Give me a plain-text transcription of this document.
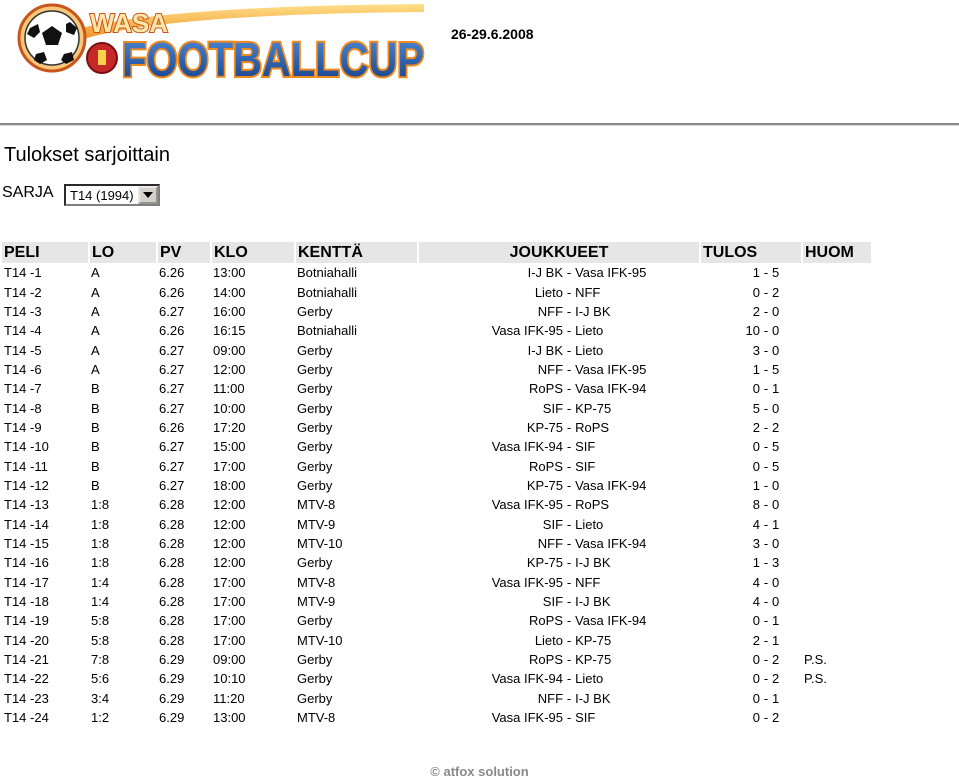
WASA
FOOTBALLCUP 26-29.6.2008
Tulokset sarjoittain
SARJA	T14 (1994)
PELI	LO	PV	KLO	KENTTÄ	JOUKKUEET			TULOS	HUOM
T14 -1	A	6.26	13:00	Botniahalli	I-J BK	-	Vasa IFK-95	1 - 5	

T14 -2	A	6.26	14:00	Botniahalli	Lieto	-	NFF	0 - 2	

T14 -3	A	6.27	16:00	Gerby	NFF	-	I-J BK	2 - 0	

T14 -4	A	6.26	16:15	Botniahalli	Vasa IFK-95	-	Lieto	10 - 0	

T14 -5	A	6.27	09:00	Gerby	I-J BK	-	Lieto	3 - 0	

T14 -6	A	6.27	12:00	Gerby	NFF	-	Vasa IFK-95	1 - 5	

T14 -7	B	6.27	11:00	Gerby	RoPS	-	Vasa IFK-94	0 - 1	

T14 -8	B	6.27	10:00	Gerby	SIF	-	KP-75	5 - 0	

T14 -9	B	6.26	17:20	Gerby	KP-75	-	RoPS	2 - 2	

T14 -10	B	6.27	15:00	Gerby	Vasa IFK-94	-	SIF	0 - 5	

T14 -11	B	6.27	17:00	Gerby	RoPS	-	SIF	0 - 5	

T14 -12	B	6.27	18:00	Gerby	KP-75	-	Vasa IFK-94	1 - 0	

T14 -13	1:8	6.28	12:00	MTV-8	Vasa IFK-95	-	RoPS	8 - 0	

T14 -14	1:8	6.28	12:00	MTV-9	SIF	-	Lieto	4 - 1	

T14 -15	1:8	6.28	12:00	MTV-10	NFF	-	Vasa IFK-94	3 - 0	

T14 -16	1:8	6.28	12:00	Gerby	KP-75	-	I-J BK	1 - 3	

T14 -17	1:4	6.28	17:00	MTV-8	Vasa IFK-95	-	NFF	4 - 0	

T14 -18	1:4	6.28	17:00	MTV-9	SIF	-	I-J BK	4 - 0	

T14 -19	5:8	6.28	17:00	Gerby	RoPS	-	Vasa IFK-94	0 - 1	

T14 -20	5:8	6.28	17:00	MTV-10	Lieto	-	KP-75	2 - 1	

T14 -21	7:8	6.29	09:00	Gerby	RoPS	-	KP-75	0 - 2	P.S.
T14 -22	5:6	6.29	10:10	Gerby	Vasa IFK-94	-	Lieto	0 - 2	P.S.
T14 -23	3:4	6.29	11:20	Gerby	NFF	-	I-J BK	0 - 1	

T14 -24	1:2	6.29	13:00	MTV-8	Vasa IFK-95	-	SIF	0 - 2	

© atfox solution
